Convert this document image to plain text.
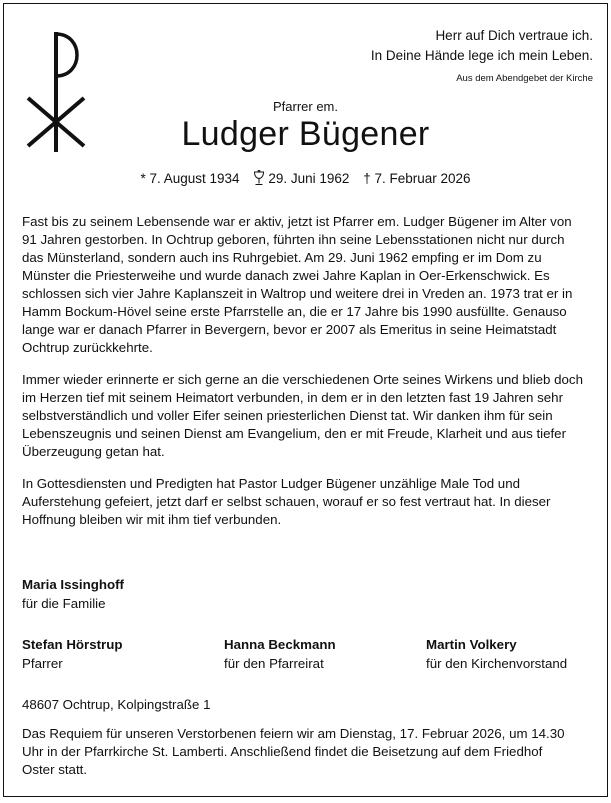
Herr auf Dich vertraue ich.
In Deine Hände lege ich mein Leben.
Aus dem Abendgebet der Kirche
Pfarrer em.
Ludger Bügener
* 7. August 1934 29. Juni 1962 † 7. Februar 2026

Fast bis zu seinem Lebensende war er aktiv, jetzt ist Pfarrer em. Ludger Bügener im Alter von 91 Jahren gestorben. In Ochtrup geboren, führten ihn seine Lebensstationen nicht nur durch das Münsterland, sondern auch ins Ruhrgebiet. Am 29. Juni 1962 empfing er im Dom zu Münster die Priesterweihe und wurde danach zwei Jahre Kaplan in Oer-Erkenschwick. Es schlossen sich vier Jahre Kaplanszeit in Waltrop und weitere drei in Vreden an. 1973 trat er in Hamm Bockum-Hövel seine erste Pfarrstelle an, die er 17 Jahre bis 1990 ausfüllte. Genauso lange war er danach Pfarrer in Bevergern, bevor er 2007 als Emeritus in seine Heimatstadt Ochtrup zurückkehrte.

Immer wieder erinnerte er sich gerne an die verschiedenen Orte seines Wirkens und blieb doch im Herzen tief mit seinem Heimatort verbunden, in dem er in den letzten fast 19 Jahren sehr selbstverständlich und voller Eifer seinen priesterlichen Dienst tat. Wir danken ihm für sein Lebenszeugnis und seinen Dienst am Evangelium, den er mit Freude, Klarheit und aus tiefer Überzeugung getan hat.

In Gottesdiensten und Predigten hat Pastor Ludger Bügener unzählige Male Tod und Auferstehung gefeiert, jetzt darf er selbst schauen, worauf er so fest vertraut hat. In dieser Hoffnung bleiben wir mit ihm tief verbunden.

Maria Issinghoff
für die Familie
Stefan Hörstrup
Pfarrer
Hanna Beckmann
für den Pfarreirat
Martin Volkery
für den Kirchenvorstand
48607 Ochtrup, Kolpingstraße 1
Das Requiem für unseren Verstorbenen feiern wir am Dienstag, 17. Februar 2026, um 14.30 Uhr in der Pfarrkirche St. Lamberti. Anschließend findet die Beisetzung auf dem Friedhof Oster statt.
